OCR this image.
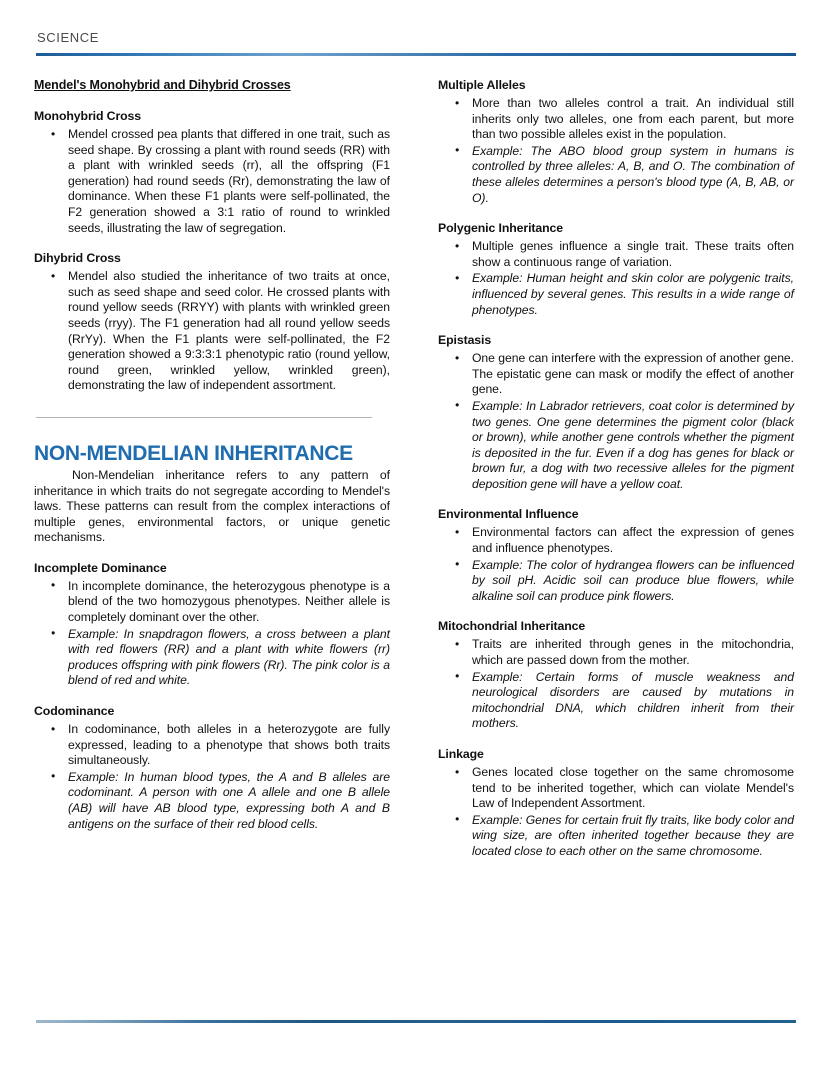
SCIENCE
Mendel's Monohybrid and Dihybrid Crosses
Monohybrid Cross
• Mendel crossed pea plants that differed in one trait, such as seed shape. By crossing a plant with round seeds (RR) with a plant with wrinkled seeds (rr), all the offspring (F1 generation) had round seeds (Rr), demonstrating the law of dominance. When these F1 plants were self-pollinated, the F2 generation showed a 3:1 ratio of round to wrinkled seeds, illustrating the law of segregation.
Dihybrid Cross
• Mendel also studied the inheritance of two traits at once, such as seed shape and seed color. He crossed plants with round yellow seeds (RRYY) with plants with wrinkled green seeds (rryy). The F1 generation had all round yellow seeds (RrYy). When the F1 plants were self-pollinated, the F2 generation showed a 9:3:3:1 phenotypic ratio (round yellow, round green, wrinkled yellow, wrinkled green), demonstrating the law of independent assortment.
NON-MENDELIAN INHERITANCE

Non-Mendelian inheritance refers to any pattern of inheritance in which traits do not segregate according to Mendel's laws. These patterns can result from the complex interactions of multiple genes, environmental factors, or unique genetic mechanisms.

Incomplete Dominance
• In incomplete dominance, the heterozygous phenotype is a blend of the two homozygous phenotypes. Neither allele is completely dominant over the other.
• Example: In snapdragon flowers, a cross between a plant with red flowers (RR) and a plant with white flowers (rr) produces offspring with pink flowers (Rr). The pink color is a blend of red and white.
Codominance
• In codominance, both alleles in a heterozygote are fully expressed, leading to a phenotype that shows both traits simultaneously.
• Example: In human blood types, the A and B alleles are codominant. A person with one A allele and one B allele (AB) will have AB blood type, expressing both A and B antigens on the surface of their red blood cells.
Multiple Alleles
• More than two alleles control a trait. An individual still inherits only two alleles, one from each parent, but more than two possible alleles exist in the population.
• Example: The ABO blood group system in humans is controlled by three alleles: A, B, and O. The combination of these alleles determines a person's blood type (A, B, AB, or O).
Polygenic Inheritance
• Multiple genes influence a single trait. These traits often show a continuous range of variation.
• Example: Human height and skin color are polygenic traits, influenced by several genes. This results in a wide range of phenotypes.
Epistasis
• One gene can interfere with the expression of another gene. The epistatic gene can mask or modify the effect of another gene.
• Example: In Labrador retrievers, coat color is determined by two genes. One gene determines the pigment color (black or brown), while another gene controls whether the pigment is deposited in the fur. Even if a dog has genes for black or brown fur, a dog with two recessive alleles for the pigment deposition gene will have a yellow coat.
Environmental Influence
• Environmental factors can affect the expression of genes and influence phenotypes.
• Example: The color of hydrangea flowers can be influenced by soil pH. Acidic soil can produce blue flowers, while alkaline soil can produce pink flowers.
Mitochondrial Inheritance
• Traits are inherited through genes in the mitochondria, which are passed down from the mother.
• Example: Certain forms of muscle weakness and neurological disorders are caused by mutations in mitochondrial DNA, which children inherit from their mothers.
Linkage
• Genes located close together on the same chromosome tend to be inherited together, which can violate Mendel's Law of Independent Assortment.
• Example: Genes for certain fruit fly traits, like body color and wing size, are often inherited together because they are located close to each other on the same chromosome.
